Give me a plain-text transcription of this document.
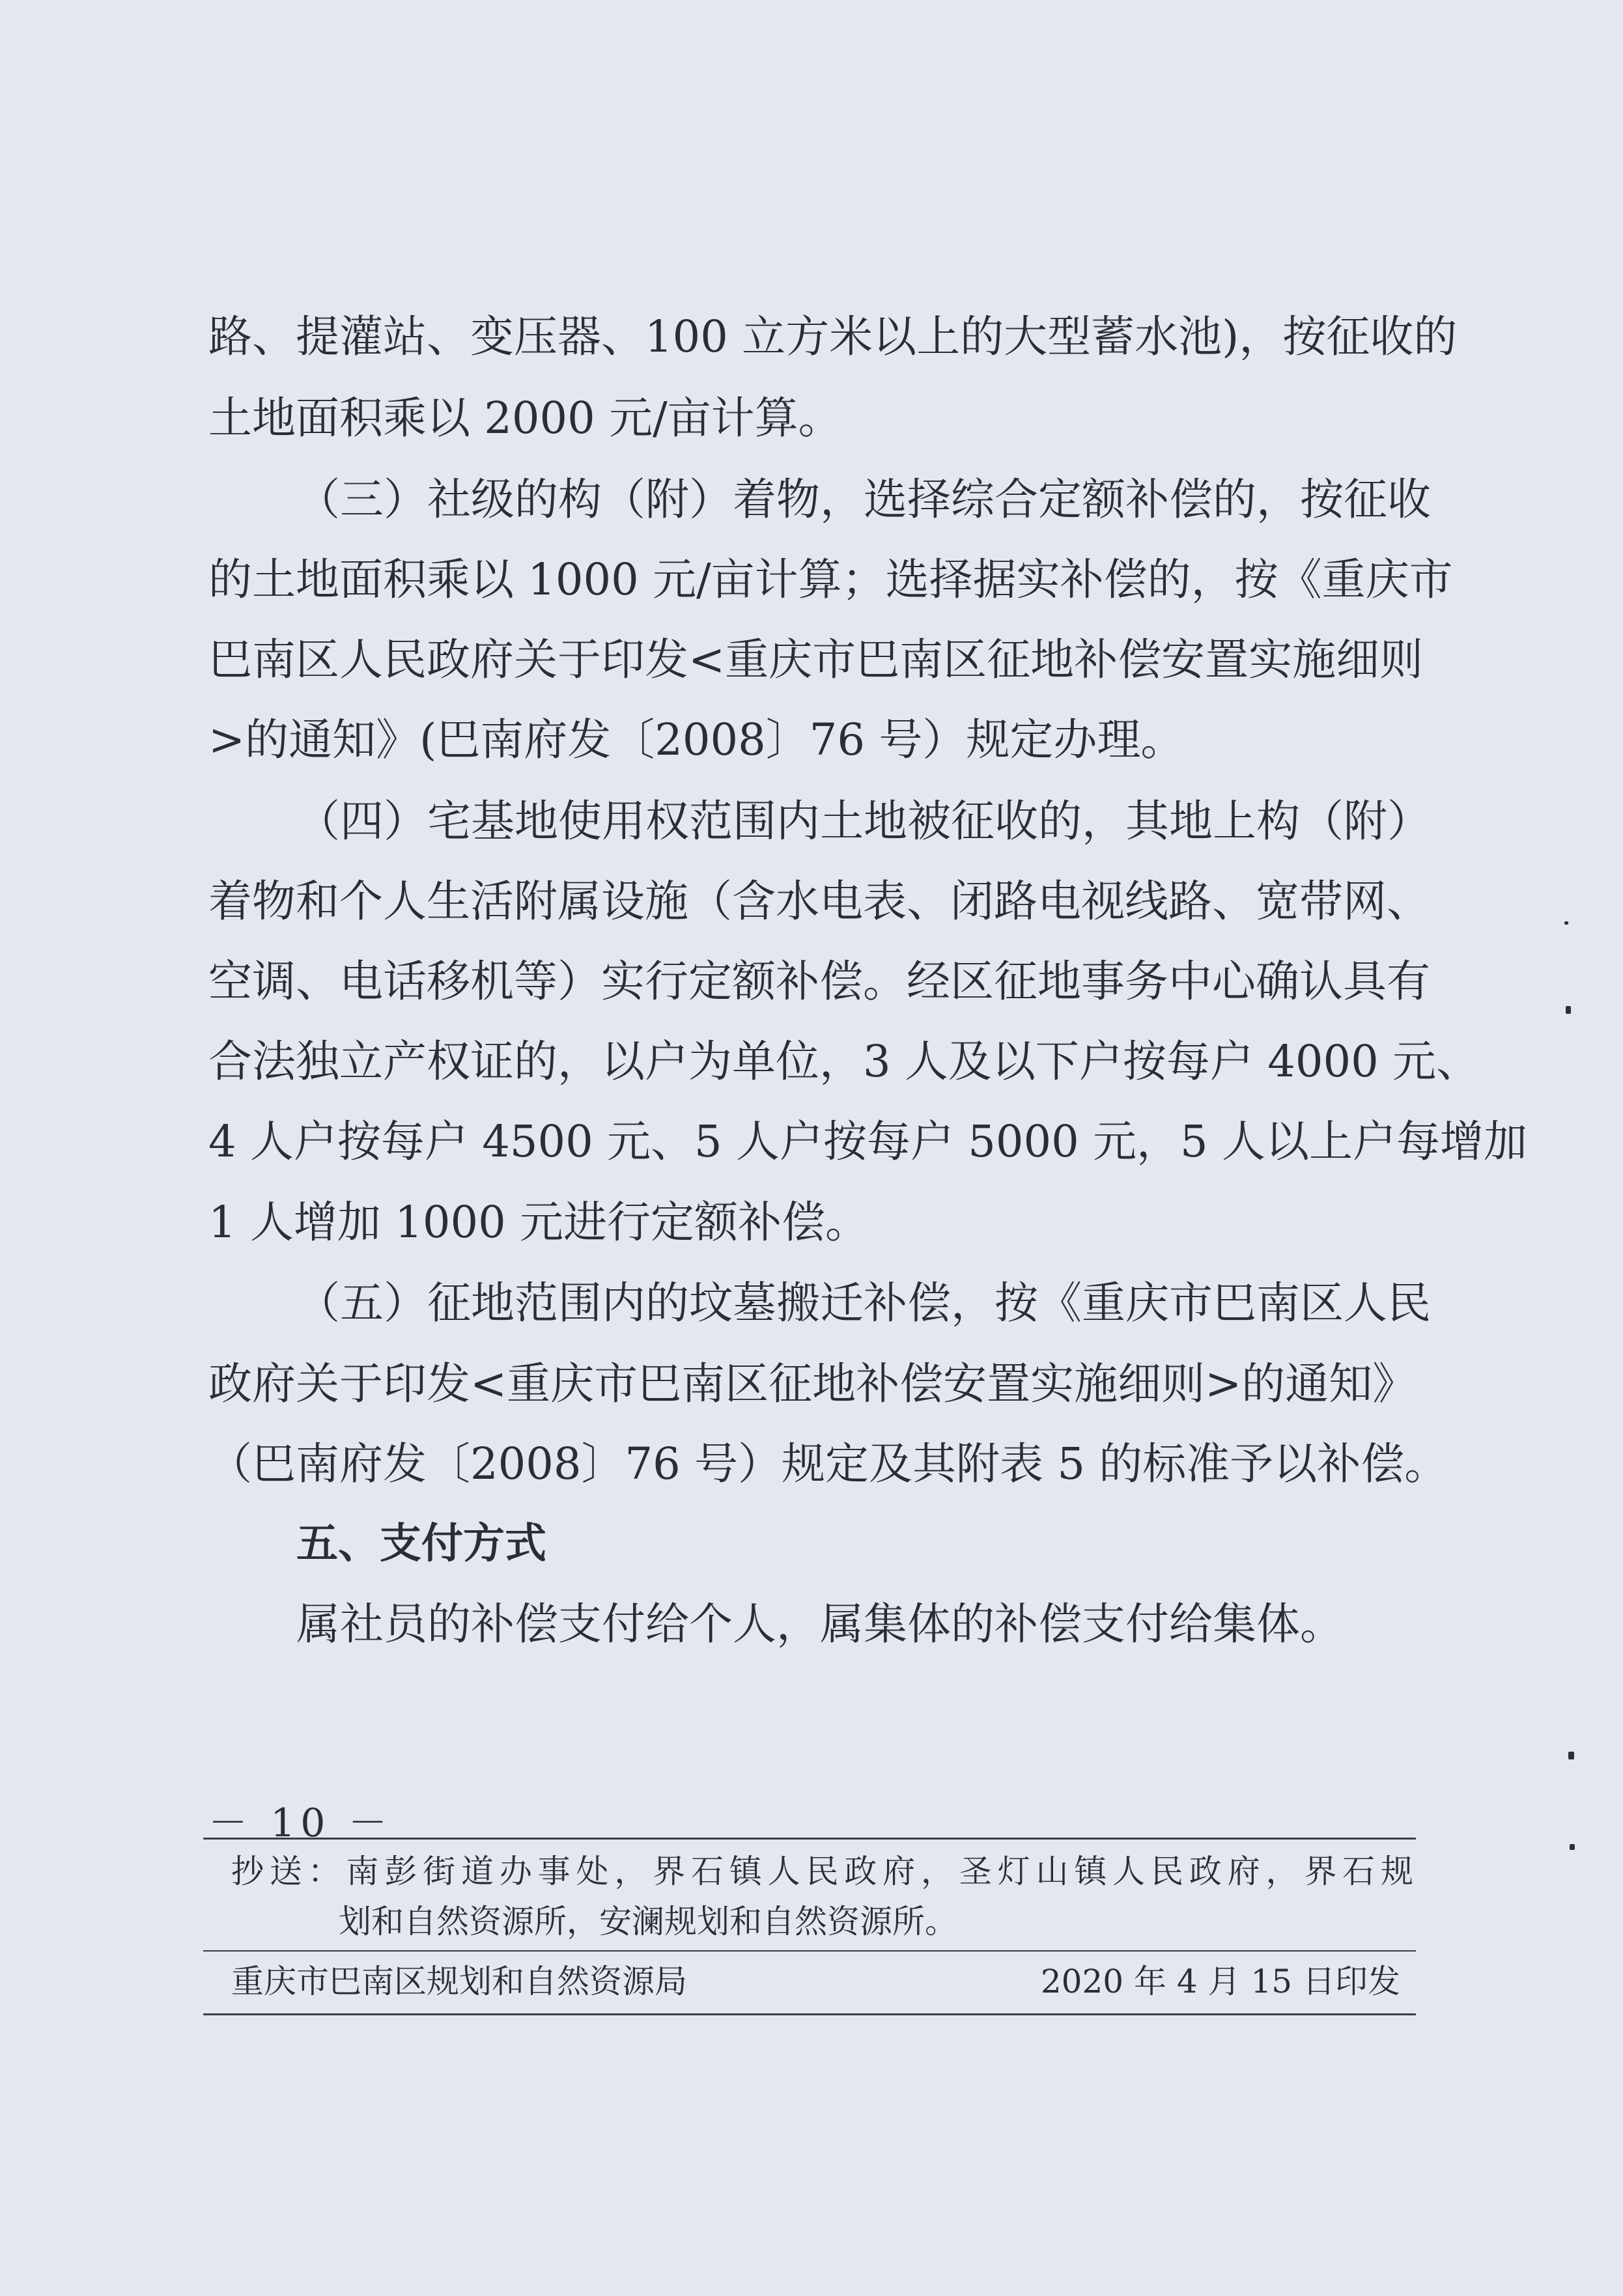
路、提灌站、变压器、100 立方米以上的大型蓄水池)，按征收的
土地面积乘以 2000 元/亩计算。
（三）社级的构（附）着物，选择综合定额补偿的，按征收
的土地面积乘以 1000 元/亩计算；选择据实补偿的，按《重庆市
巴南区人民政府关于印发<重庆市巴南区征地补偿安置实施细则
>的通知》(巴南府发〔2008〕76 号）规定办理。
（四）宅基地使用权范围内土地被征收的，其地上构（附）
着物和个人生活附属设施（含水电表、闭路电视线路、宽带网、
空调、电话移机等）实行定额补偿。经区征地事务中心确认具有
合法独立产权证的，以户为单位，3 人及以下户按每户 4000 元、
4 人户按每户 4500 元、5 人户按每户 5000 元，5 人以上户每增加
1 人增加 1000 元进行定额补偿。
（五）征地范围内的坟墓搬迁补偿，按《重庆市巴南区人民
政府关于印发<重庆市巴南区征地补偿安置实施细则>的通知》
（巴南府发〔2008〕76 号）规定及其附表 5 的标准予以补偿。
五、支付方式
属社员的补偿支付给个人，属集体的补偿支付给集体。
抄送：南彭街道办事处，界石镇人民政府，圣灯山镇人民政府，界石规
划和自然资源所，安澜规划和自然资源所。
重庆市巴南区规划和自然资源局	2020 年 4 月 15 日印发
－ 10 －
